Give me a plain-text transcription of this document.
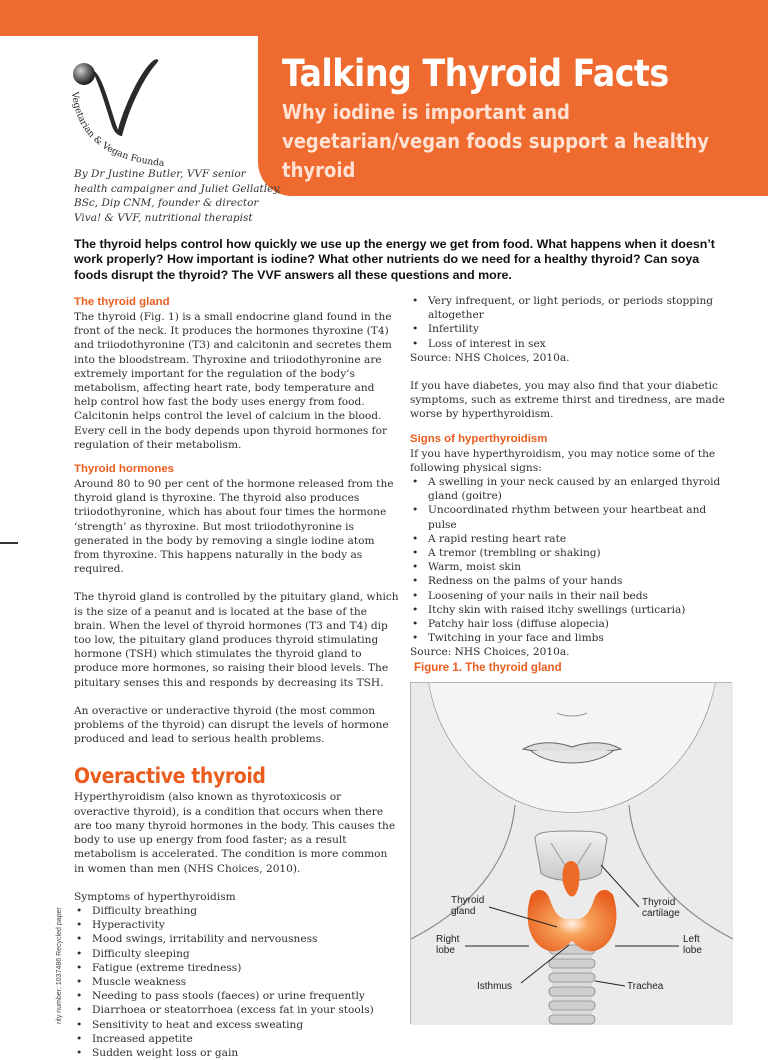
Talking Thyroid Facts
Why iodine is important and vegetarian/vegan foods support a healthy thyroid
Vegetarian & Vegan Founda
By Dr Justine Butler, VVF senior
health campaigner and Juliet Gellatley,
BSc, Dip CNM, founder & director
Viva! & VVF, nutritional therapist
The thyroid helps control how quickly we use up the energy we get from food. What happens when it doesn’t work properly? How important is iodine? What other nutrients do we need for a healthy thyroid? Can soya foods disrupt the thyroid? The VVF answers all these questions and more.
The thyroid gland

The thyroid (Fig. 1) is a small endocrine gland found in the front of the neck. It produces the hormones thyroxine (T4) and triiodothyronine (T3) and calcitonin and secretes them into the bloodstream. Thyroxine and triiodothyronine are extremely important for the regulation of the body’s metabolism, affecting heart rate, body temperature and help control how fast the body uses energy from food. Calcitonin helps control the level of calcium in the blood. Every cell in the body depends upon thyroid hormones for regulation of their metabolism.

Thyroid hormones

Around 80 to 90 per cent of the hormone released from the thyroid gland is thyroxine. The thyroid also produces triiodothyronine, which has about four times the hormone ‘strength’ as thyroxine. But most triiodothyronine is generated in the body by removing a single iodine atom from thyroxine. This happens naturally in the body as required.

The thyroid gland is controlled by the pituitary gland, which is the size of a peanut and is located at the base of the brain. When the level of thyroid hormones (T3 and T4) dip too low, the pituitary gland produces thyroid stimulating hormone (TSH) which stimulates the thyroid gland to produce more hormones, so raising their blood levels. The pituitary senses this and responds by decreasing its TSH.

An overactive or underactive thyroid (the most common problems of the thyroid) can disrupt the levels of hormone produced and lead to serious health problems.

Overactive thyroid

Hyperthyroidism (also known as thyrotoxicosis or overactive thyroid), is a condition that occurs when there are too many thyroid hormones in the body. This causes the body to use up energy from food faster; as a result metabolism is accelerated. The condition is more common in women than men (NHS Choices, 2010).

Symptoms of hyperthyroidism

• Difficulty breathing
• Hyperactivity
• Mood swings, irritability and nervousness
• Difficulty sleeping
• Fatigue (extreme tiredness)
• Muscle weakness
• Needing to pass stools (faeces) or urine frequently
• Diarrhoea or steatorrhoea (excess fat in your stools)
• Sensitivity to heat and excess sweating
• Increased appetite
• Sudden weight loss or gain
• Very infrequent, or light periods, or periods stopping altogether
• Infertility
• Loss of interest in sex

Source: NHS Choices, 2010a.

If you have diabetes, you may also find that your diabetic symptoms, such as extreme thirst and tiredness, are made worse by hyperthyroidism.

Signs of hyperthyroidism

If you have hyperthyroidism, you may notice some of the following physical signs:

• A swelling in your neck caused by an enlarged thyroid gland (goitre)
• Uncoordinated rhythm between your heartbeat and pulse
• A rapid resting heart rate
• A tremor (trembling or shaking)
• Warm, moist skin
• Redness on the palms of your hands
• Loosening of your nails in their nail beds
• Itchy skin with raised itchy swellings (urticaria)
• Patchy hair loss (diffuse alopecia)
• Twitching in your face and limbs

Source: NHS Choices, 2010a.

rity number: 1037486 Recycled paper
Figure 1. The thyroid gland
Thyroid
gland
Thyroid
cartilage
Right
lobe
Left
lobe
Isthmus	Trachea
